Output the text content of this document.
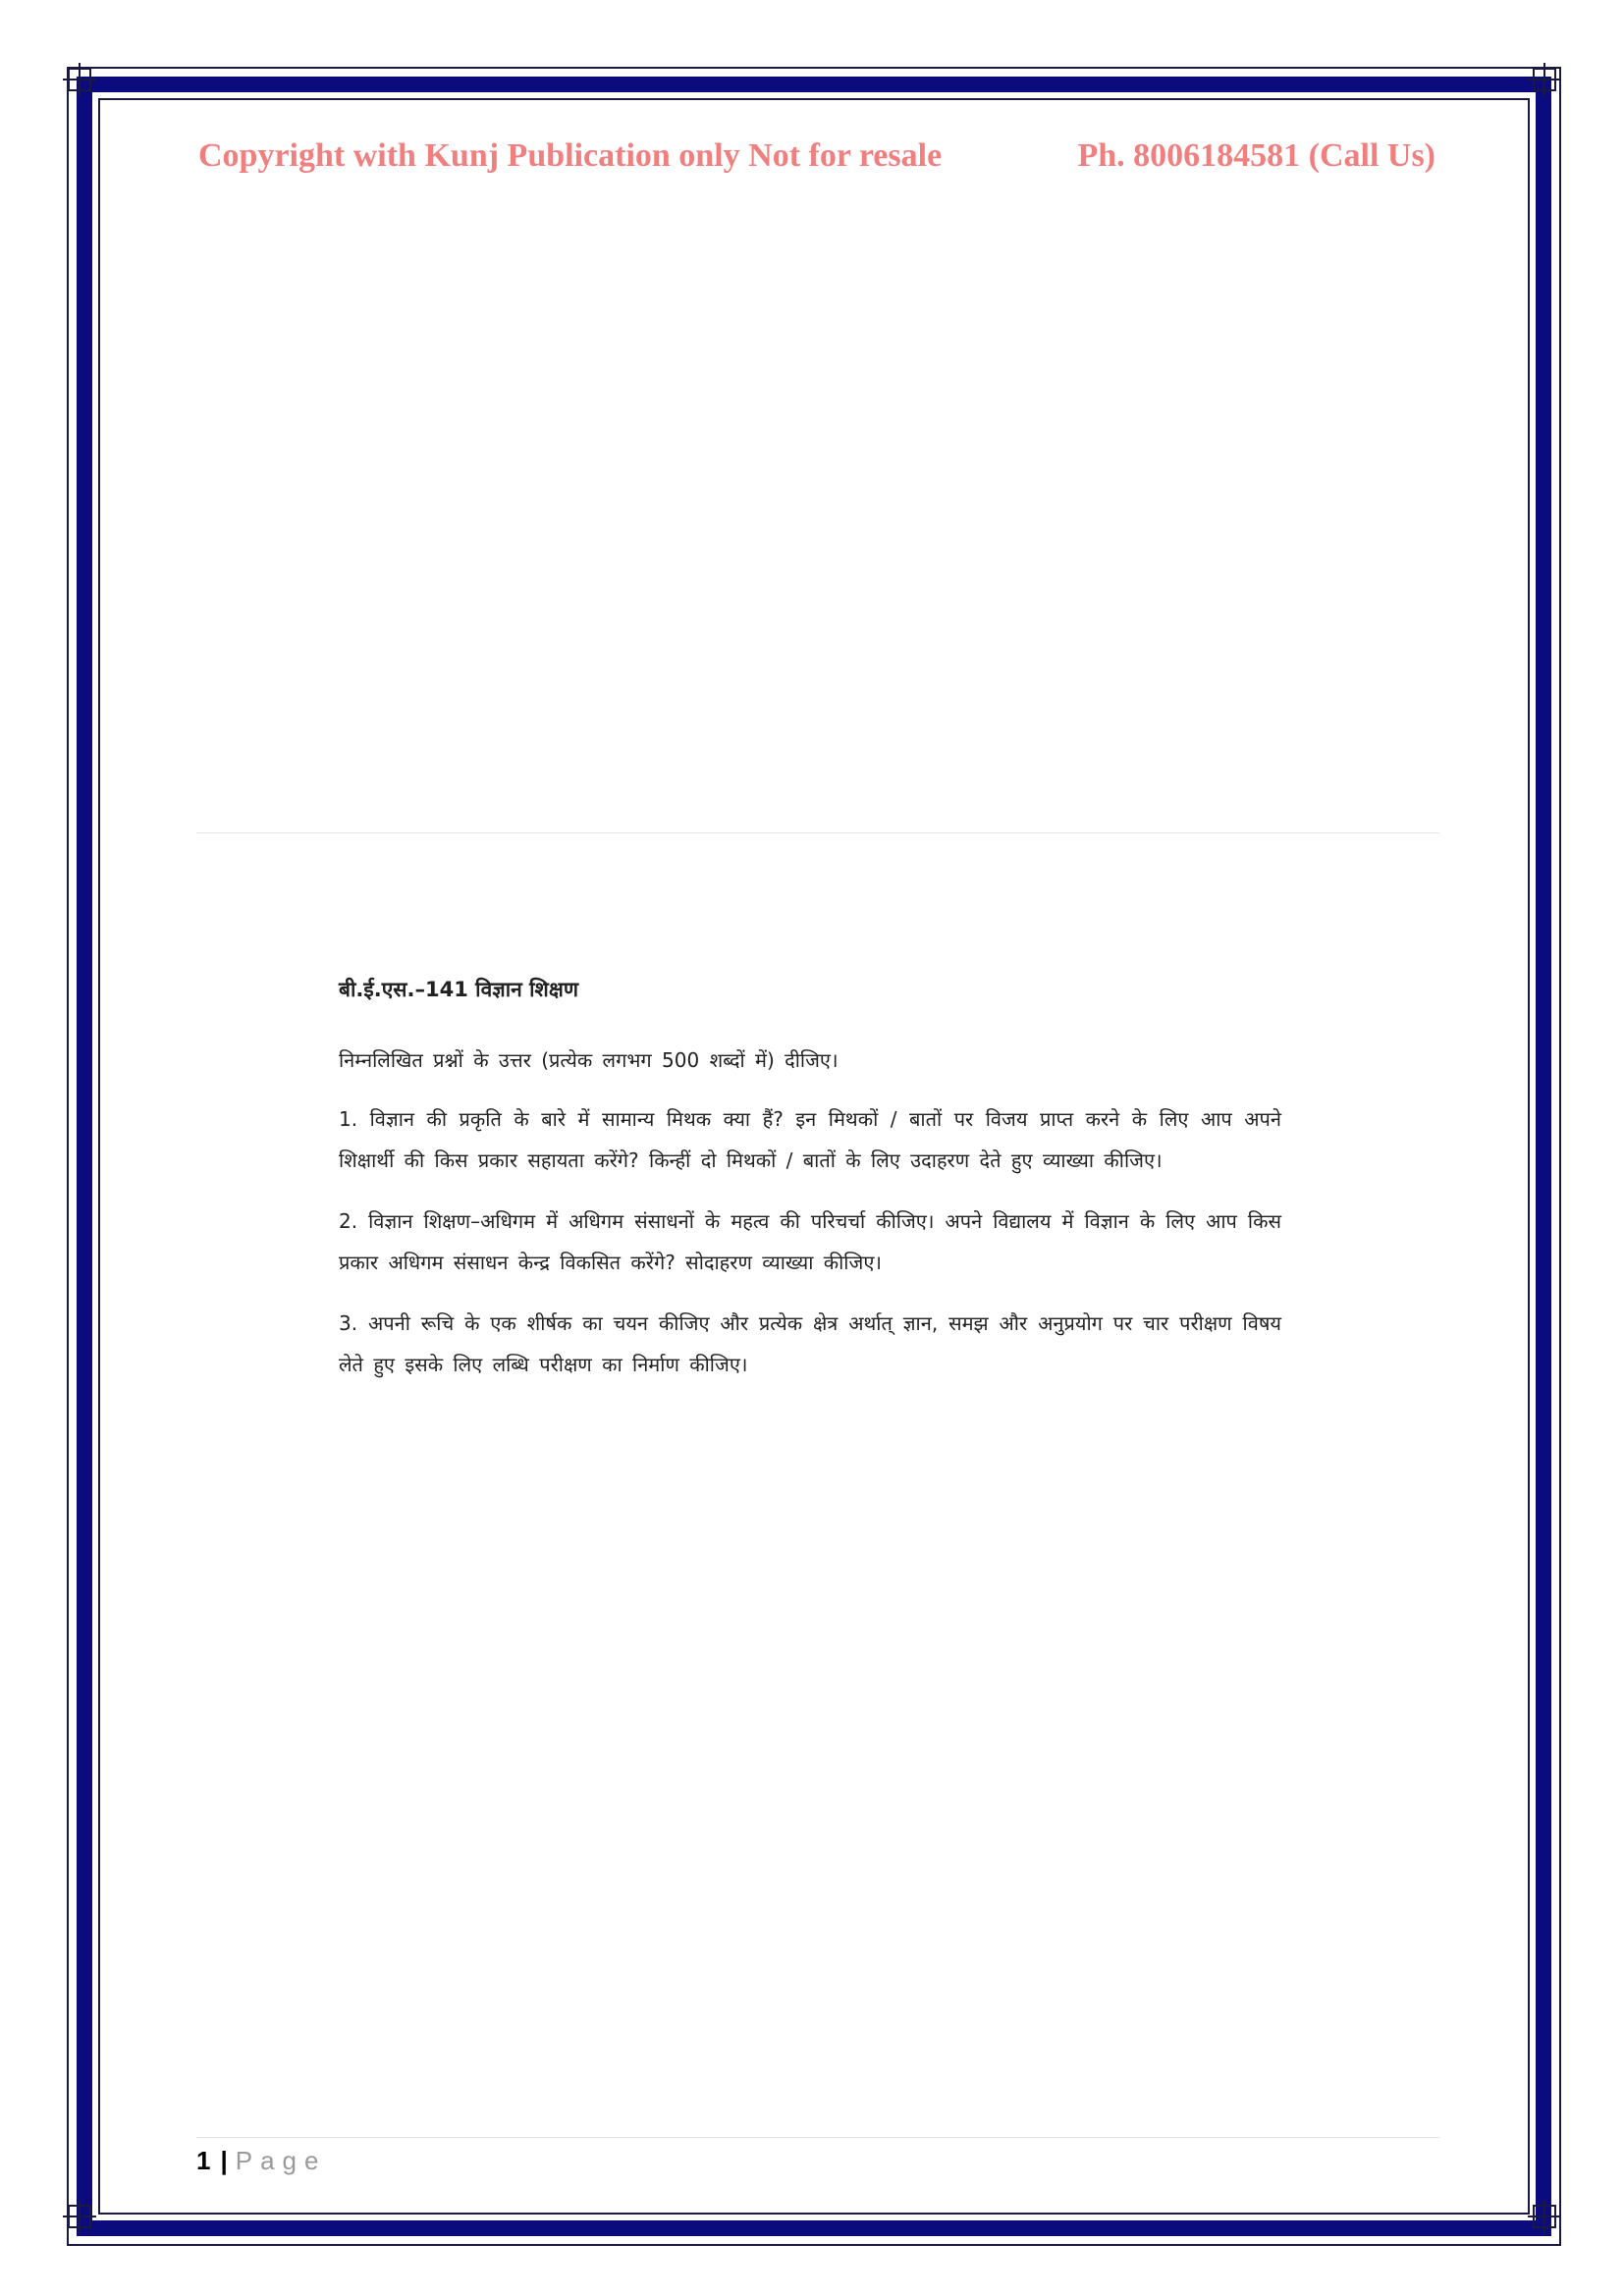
Copyright with Kunj Publication only Not for resale	Ph. 8006184581 (Call Us)
बी.ई.एस.–141 विज्ञान शिक्षण

निम्नलिखित प्रश्नों के उत्तर (प्रत्येक लगभग 500 शब्दों में) दीजिए।

1. विज्ञान की प्रकृति के बारे में सामान्य मिथक क्या हैं? इन मिथकों / बातों पर विजय प्राप्त करने के लिए आप अपने शिक्षार्थी की किस प्रकार सहायता करेंगे? किन्हीं दो मिथकों / बातों के लिए उदाहरण देते हुए व्याख्या कीजिए।

2. विज्ञान शिक्षण–अधिगम में अधिगम संसाधनों के महत्व की परिचर्चा कीजिए। अपने विद्यालय में विज्ञान के लिए आप किस प्रकार अधिगम संसाधन केन्द्र विकसित करेंगे? सोदाहरण व्याख्या कीजिए।

3. अपनी रूचि के एक शीर्षक का चयन कीजिए और प्रत्येक क्षेत्र अर्थात् ज्ञान, समझ और अनुप्रयोग पर चार परीक्षण विषय लेते हुए इसके लिए लब्धि परीक्षण का निर्माण कीजिए।

1 | Page
